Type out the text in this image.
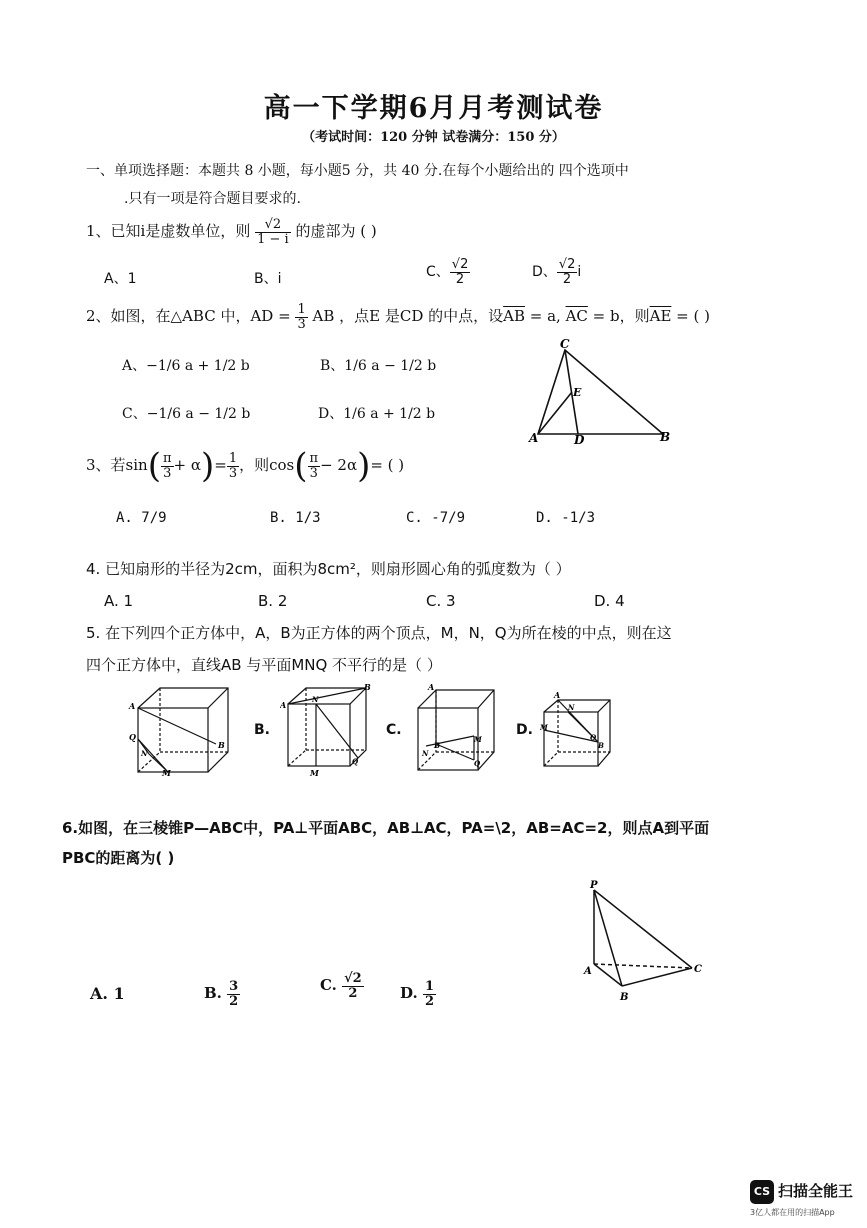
高一下学期6月月考测试卷
（考试时间：120 分钟 试卷满分：150 分）
一、单项选择题：本题共 8 小题，每小题5 分，共 40 分.在每个小题给出的 四个选项中
.只有一项是符合题目要求的.
1、已知i是虚数单位，则 $\frac{√2}{1 - i}$ 的虚部为 ( )
A、1	B、i	C、 $\frac{√2}{2}$	D、 $\frac{√2}{2}$ i
2、如图，在△ABC 中，AD = $\frac{1}{3}$ AB ，点E 是CD 的中点，设$\overline{AB} = a$, $\overline{AC} = b$，则$\overline{AE}$ = ( )
A、−1/6 a + 1/2 b	B、1/6 a − 1/2 b
C、−1/6 a − 1/2 b	D、1/6 a + 1/2 b
C
E
A	D	B
3、若$\sin( \frac{\pi}{3} + \alpha)= \frac{1}{3}$ ，则$\cos( \frac{\pi}{3} - 2\alpha)=$ ( )
A. 7/9	B. 1/3	C. -7/9	D. -1/3
4. 已知扇形的半径为2cm，面积为8cm²，则扇形圆心角的弧度数为（ ）
A. 1	B. 2	C. 3	D. 4
5. 在下列四个正方体中，A，B为正方体的两个顶点，M，N，Q为所在棱的中点，则在这
四个正方体中，直线AB 与平面MNQ 不平行的是（ ）
A
B
Q
N
M
B.
A
B
N
M
Q
C.
A
B
N
M
Q
D.
A
B
M
N
Q
6.如图，在三棱锥P—ABC中，PA⊥平面ABC，AB⊥AC，PA=\2，AB=AC=2，则点A到平面
PBC的距离为( )
P
A
B
C
A. 1	B. $\frac{3}{2}$	C. $\frac{√2}{2} D$. $\frac{1}{2}$
CS 扫描全能王
3亿人都在用的扫描App
